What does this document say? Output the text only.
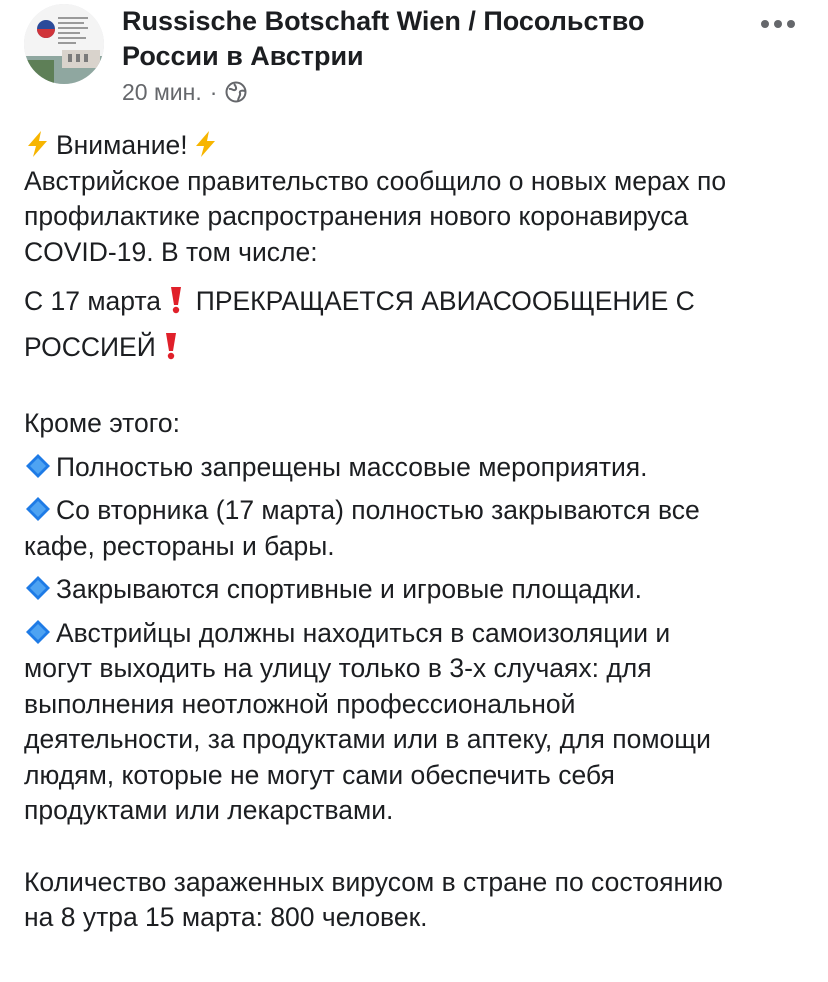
Russische Botschaft Wien / Посольство России в Австрии
20 мин. ·

Внимание!

Австрийское правительство сообщило о новых мерах по

профилактике распространения нового коронавируса

COVID-19. В том числе:

С 17 марта ПРЕКРАЩАЕТСЯ АВИАСООБЩЕНИЕ С

РОССИЕЙ

Кроме этого:

Полностью запрещены массовые мероприятия.

Со вторника (17 марта) полностью закрываются все

кафе, рестораны и бары.

Закрываются спортивные и игровые площадки.

Австрийцы должны находиться в самоизоляции и

могут выходить на улицу только в 3-х случаях: для

выполнения неотложной профессиональной

деятельности, за продуктами или в аптеку, для помощи

людям, которые не могут сами обеспечить себя

продуктами или лекарствами.

Количество зараженных вирусом в стране по состоянию

на 8 утра 15 марта: 800 человек.
